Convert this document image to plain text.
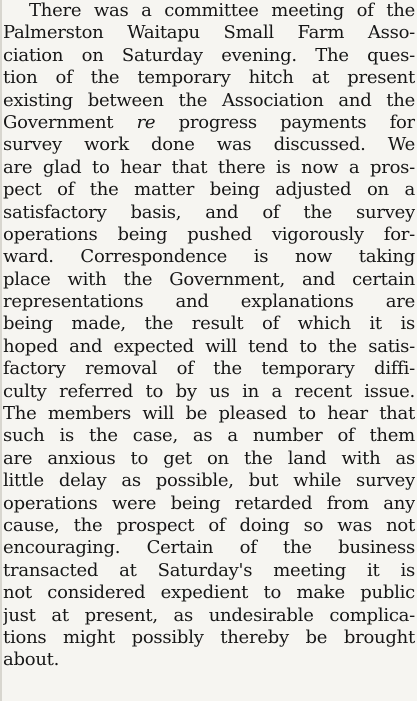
There was a committee meeting of the
Palmerston Waitapu Small Farm Asso-
ciation on Saturday evening. The ques-
tion of the temporary hitch at present
existing between the Association and the
Government re progress payments for
survey work done was discussed. We
are glad to hear that there is now a pros-
pect of the matter being adjusted on a
satisfactory basis, and of the survey
operations being pushed vigorously for-
ward. Correspondence is now taking
place with the Government, and certain
representations and explanations are
being made, the result of which it is
hoped and expected will tend to the satis-
factory removal of the temporary diffi-
culty referred to by us in a recent issue.
The members will be pleased to hear that
such is the case, as a number of them
are anxious to get on the land with as
little delay as possible, but while survey
operations were being retarded from any
cause, the prospect of doing so was not
encouraging. Certain of the business
transacted at Saturday's meeting it is
not considered expedient to make public
just at present, as undesirable complica-
tions might possibly thereby be brought
about.
